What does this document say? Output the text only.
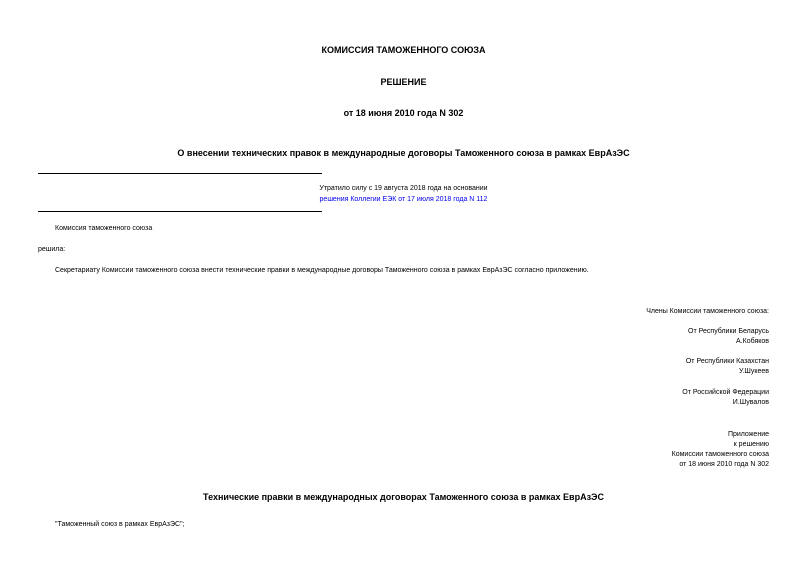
КОМИССИЯ ТАМОЖЕННОГО СОЮЗА
РЕШЕНИЕ
от 18 июня 2010 года N 302
О внесении технических правок в международные договоры Таможенного союза в рамках ЕврАзЭС
Утратило силу с 19 августа 2018 года на основании
решения Коллегии ЕЭК от 17 июля 2018 года N 112
Комиссия таможенного союза
решила:
Секретариату Комиссии таможенного союза внести технические правки в международные договоры Таможенного союза в рамках ЕврАзЭС согласно приложению.
Члены Комиссии таможенного союза:
От Республики Беларусь
А.Кобяков
От Республики Казахстан
У.Шукеев
От Российской Федерации
И.Шувалов
Приложение
к решению
Комиссии таможенного союза
от 18 июня 2010 года N 302
Технические правки в международных договорах Таможенного союза в рамках ЕврАзЭС
"Таможенный союз в рамках ЕврАзЭС";
